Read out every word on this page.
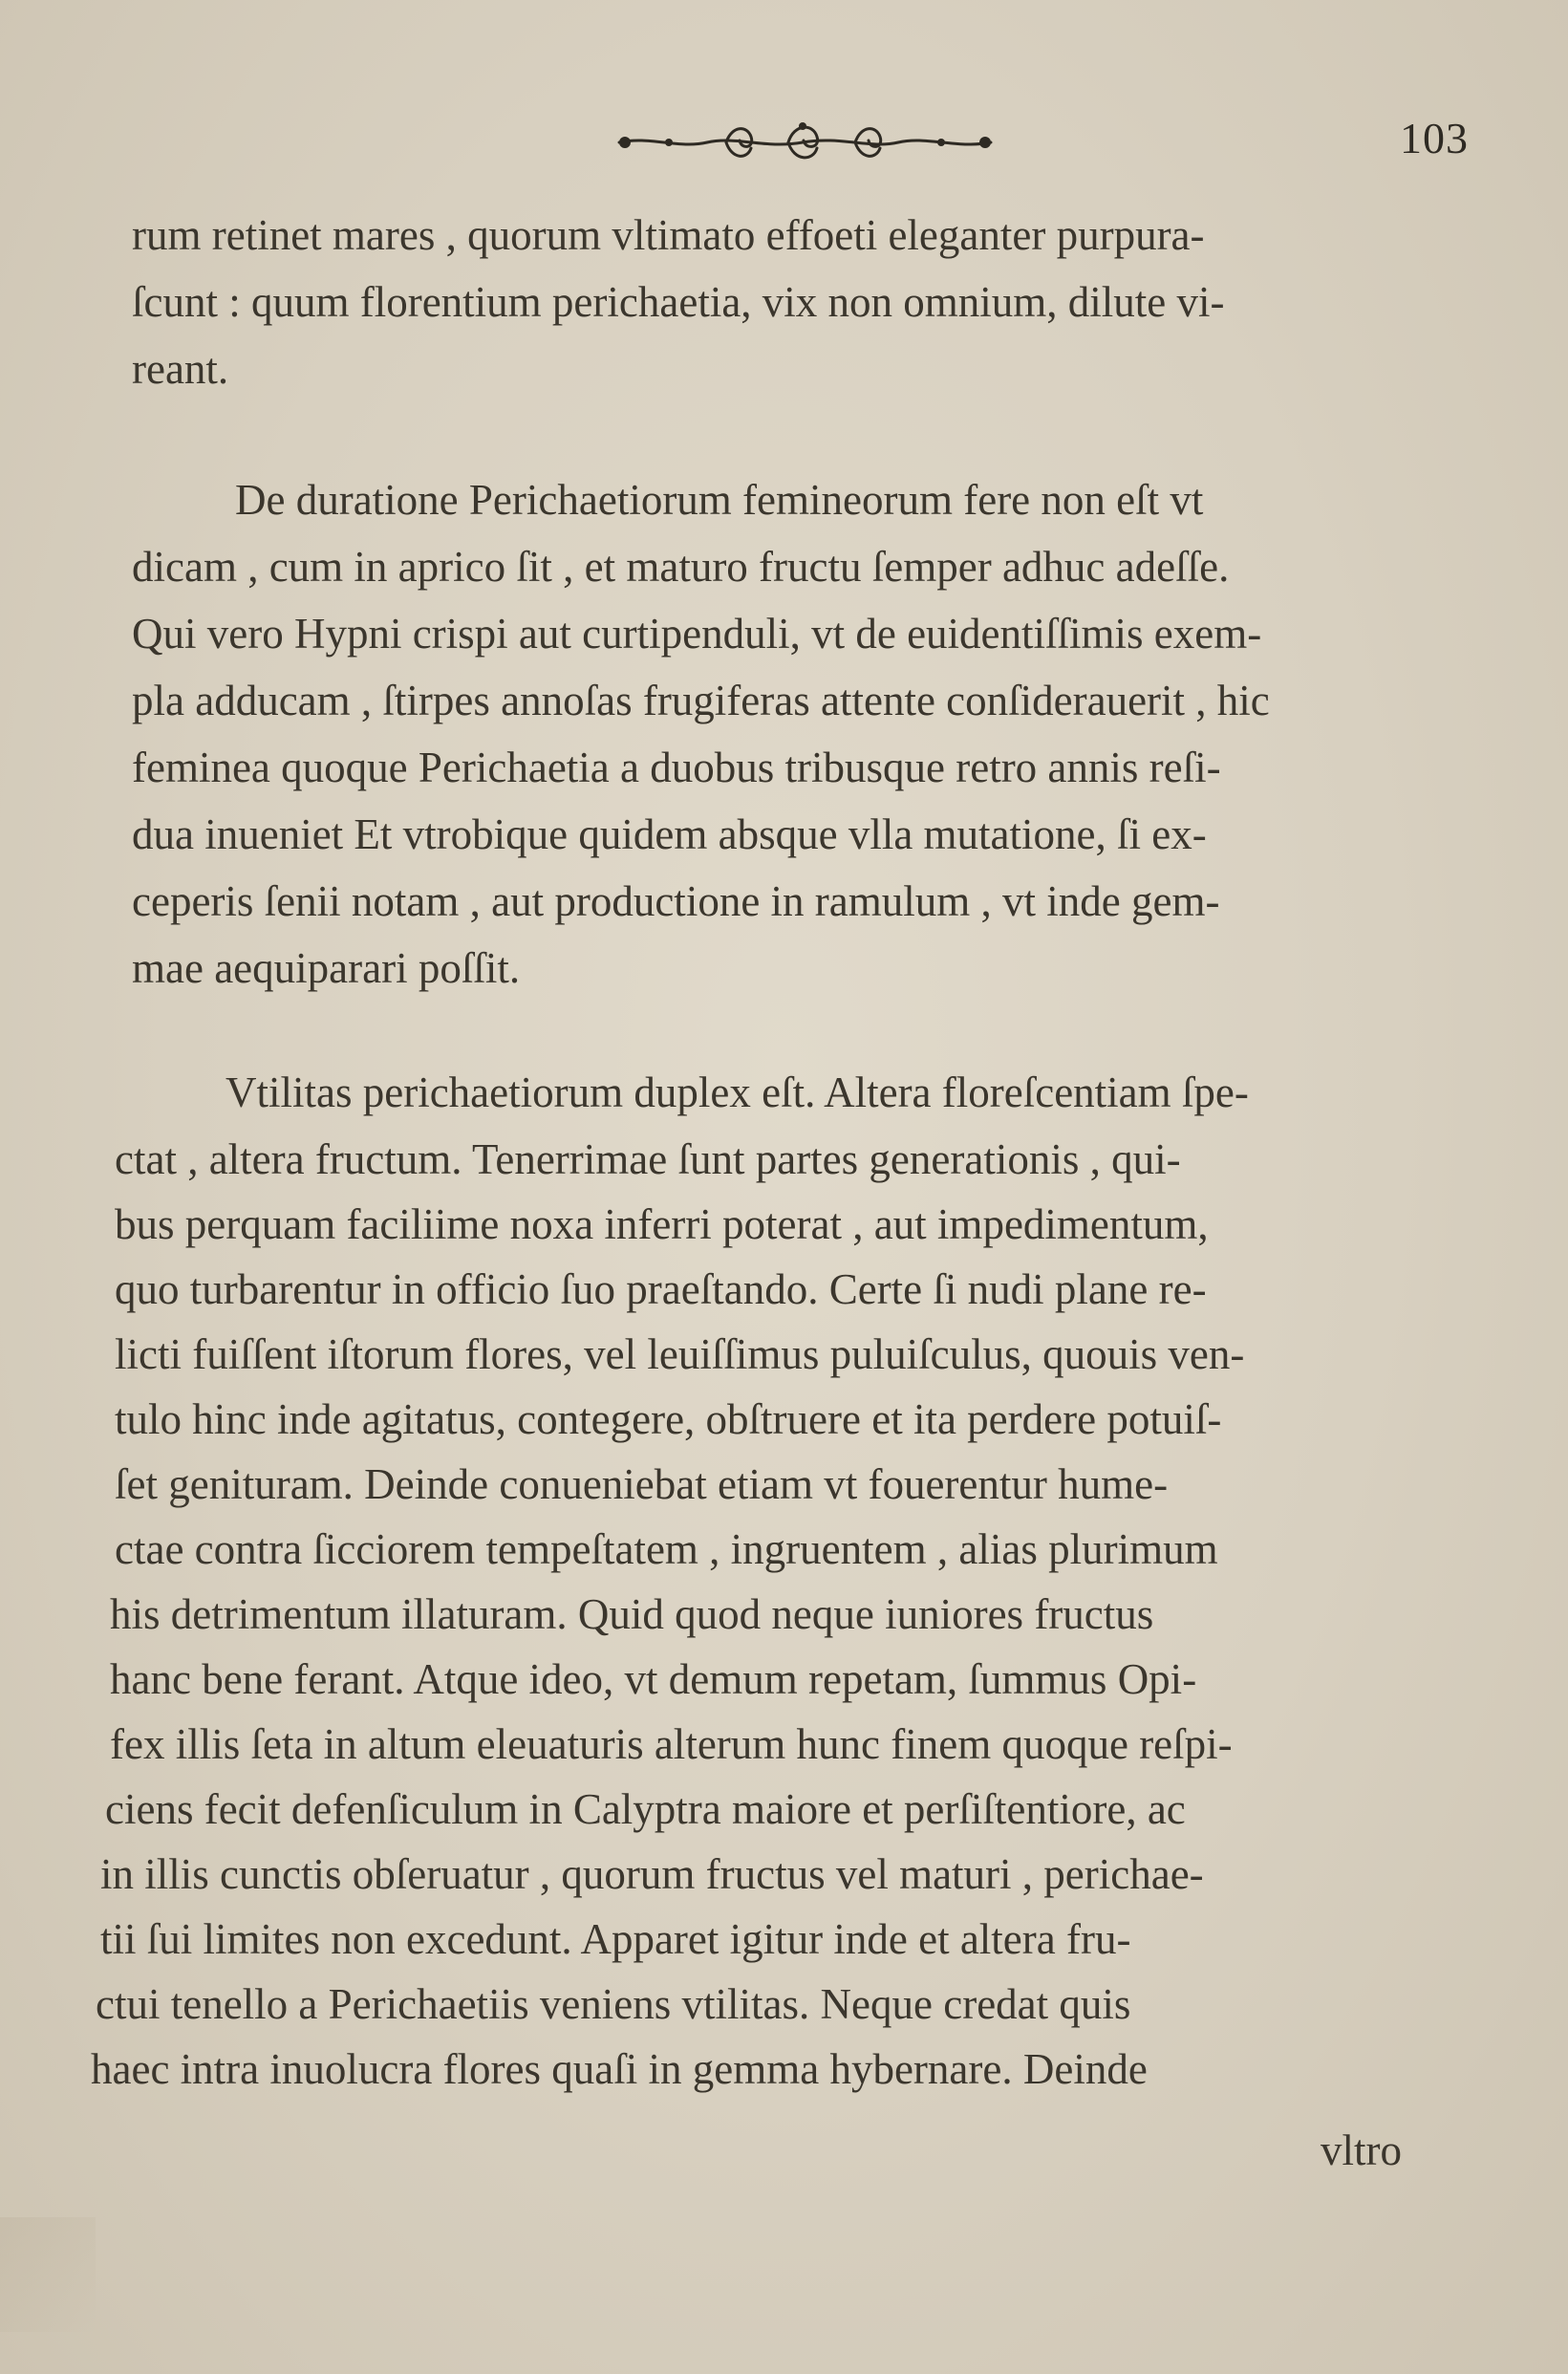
103

rum retinet mares , quorum vltimato effoeti eleganter purpura-

ſcunt : quum florentium perichaetia, vix non omnium, dilute vi-

reant.

De duratione Perichaetiorum femineorum fere non eſt vt

dicam , cum in aprico ſit , et maturo fructu ſemper adhuc adeſſe.

Qui vero Hypni crispi aut curtipenduli, vt de euidentiſſimis exem-

pla adducam , ſtirpes annoſas frugiferas attente conſiderauerit , hic

feminea quoque Perichaetia a duobus tribusque retro annis reſi-

dua inueniet Et vtrobique quidem absque vlla mutatione, ſi ex-

ceperis ſenii notam , aut productione in ramulum , vt inde gem-

mae aequiparari poſſit.

Vtilitas perichaetiorum duplex eſt. Altera floreſcentiam ſpe-

ctat , altera fructum. Tenerrimae ſunt partes generationis , qui-

bus perquam faciliime noxa inferri poterat , aut impedimentum,

quo turbarentur in officio ſuo praeſtando. Certe ſi nudi plane re-

licti fuiſſent iſtorum flores, vel leuiſſimus puluiſculus, quouis ven-

tulo hinc inde agitatus, contegere, obſtruere et ita perdere potuiſ-

ſet genituram. Deinde conueniebat etiam vt fouerentur hume-

ctae contra ſicciorem tempeſtatem , ingruentem , alias plurimum

his detrimentum illaturam. Quid quod neque iuniores fructus

hanc bene ferant. Atque ideo, vt demum repetam, ſummus Opi-

fex illis ſeta in altum eleuaturis alterum hunc finem quoque reſpi-

ciens fecit defenſiculum in Calyptra maiore et perſiſtentiore, ac

in illis cunctis obſeruatur , quorum fructus vel maturi , perichae-

tii ſui limites non excedunt. Apparet igitur inde et altera fru-

ctui tenello a Perichaetiis veniens vtilitas. Neque credat quis

haec intra inuolucra flores quaſi in gemma hybernare. Deinde

vltro
